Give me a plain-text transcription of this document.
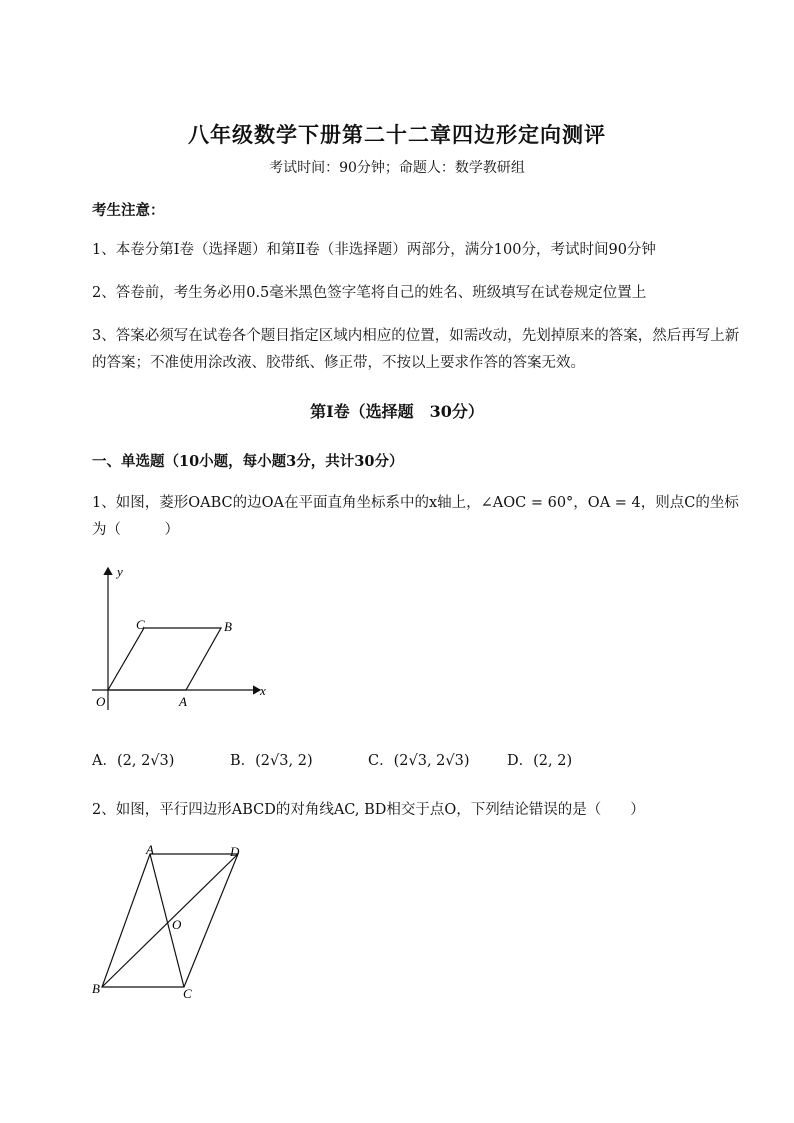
八年级数学下册第二十二章四边形定向测评
考试时间：90分钟；命题人：数学教研组
考生注意：
1、本卷分第Ⅰ卷（选择题）和第Ⅱ卷（非选择题）两部分，满分100分，考试时间90分钟
2、答卷前，考生务必用0.5毫米黑色签字笔将自己的姓名、班级填写在试卷规定位置上
3、答案必须写在试卷各个题目指定区域内相应的位置，如需改动，先划掉原来的答案，然后再写上新的答案；不准使用涂改液、胶带纸、修正带，不按以上要求作答的答案无效。
第Ⅰ卷（选择题　30分）
一、单选题（10小题，每小题3分，共计30分）
1、如图，菱形OABC的边OA在平面直角坐标系中的x轴上，∠AOC = 60°，OA = 4，则点C的坐标为（　　　）
y
x
O	A
B
C
A．(2, 2√3)	B．(2√3, 2)	C．(2√3, 2√3)	D．(2, 2)
2、如图，平行四边形ABCD的对角线AC, BD相交于点O，下列结论错误的是（　　）
A	D
B	C
O
